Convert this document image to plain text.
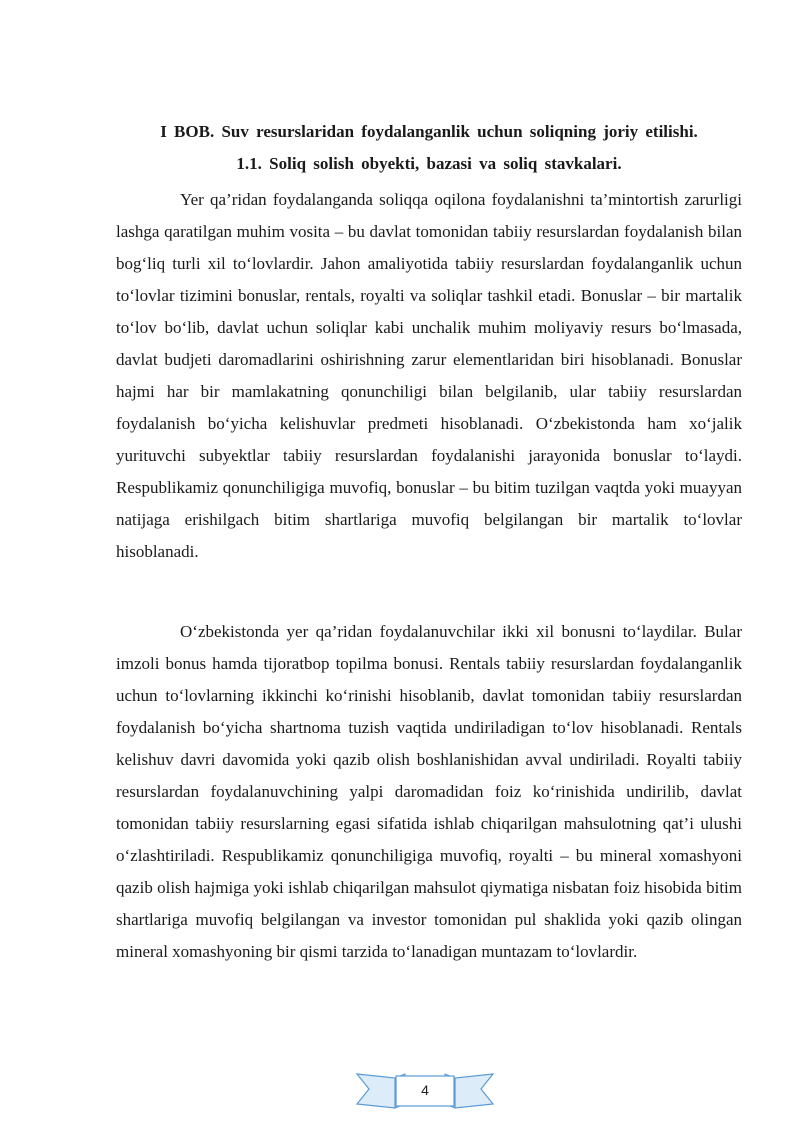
I BOB. Suv resurslaridan foydalanganlik uchun soliqning joriy etilishi.
1.1. Soliq solish obyekti, bazasi va soliq stavkalari.

Yer qa’ridan foydalanganda soliqqa oqilona foydalanishni ta’mintortish zarurligi lashga qaratilgan muhim vosita – bu davlat tomonidan tabiiy resurslardan foydalanish bilan bog‘liq turli xil to‘lovlardir. Jahon amaliyotida tabiiy resurslardan foydalanganlik uchun to‘lovlar tizimini bonuslar, rentals, royalti va soliqlar tashkil etadi. Bonuslar – bir martalik to‘lov bo‘lib, davlat uchun soliqlar kabi unchalik muhim moliyaviy resurs bo‘lmasada, davlat budjeti daromadlarini oshirishning zarur elementlaridan biri hisoblanadi. Bonuslar hajmi har bir mamlakatning qonunchiligi bilan belgilanib, ular tabiiy resurslardan foydalanish bo‘yicha kelishuvlar predmeti hisoblanadi. O‘zbekistonda ham xo‘jalik yurituvchi subyektlar tabiiy resurslardan foydalanishi jarayonida bonuslar to‘laydi. Respublikamiz qonunchiligiga muvofiq, bonuslar – bu bitim tuzilgan vaqtda yoki muayyan natijaga erishilgach bitim shartlariga muvofiq belgilangan bir martalik to‘lovlar hisoblanadi.

O‘zbekistonda yer qa’ridan foydalanuvchilar ikki xil bonusni to‘laydilar. Bular imzoli bonus hamda tijoratbop topilma bonusi. Rentals tabiiy resurslardan foydalanganlik uchun to‘lovlarning ikkinchi ko‘rinishi hisoblanib, davlat tomonidan tabiiy resurslardan foydalanish bo‘yicha shartnoma tuzish vaqtida undiriladigan to‘lov hisoblanadi. Rentals kelishuv davri davomida yoki qazib olish boshlanishidan avval undiriladi. Royalti tabiiy resurslardan foydalanuvchining yalpi daromadidan foiz ko‘rinishida undirilib, davlat tomonidan tabiiy resurslarning egasi sifatida ishlab chiqarilgan mahsulotning qat’i ulushi o‘zlashtiriladi. Respublikamiz qonunchiligiga muvofiq, royalti – bu mineral xomashyoni qazib olish hajmiga yoki ishlab chiqarilgan mahsulot qiymatiga nisbatan foiz hisobida bitim shartlariga muvofiq belgilangan va investor tomonidan pul shaklida yoki qazib olingan mineral xomashyoning bir qismi tarzida to‘lanadigan muntazam to‘lovlardir.

4
